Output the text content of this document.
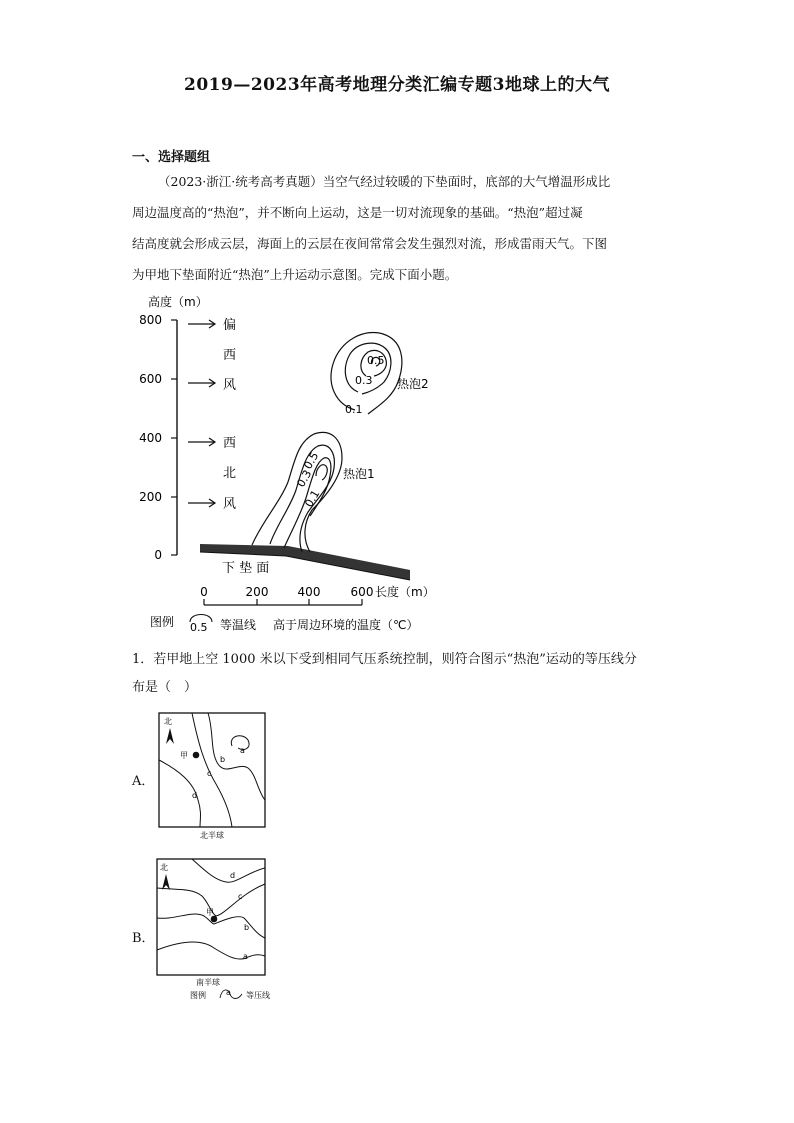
2019—2023年高考地理分类汇编专题3地球上的大气
一、选择题组

（2023·浙江·统考高考真题）当空气经过较暖的下垫面时，底部的大气增温形成比

周边温度高的“热泡”，并不断向上运动，这是一切对流现象的基础。“热泡”超过凝

结高度就会形成云层，海面上的云层在夜间常常会发生强烈对流，形成雷雨天气。下图

为甲地下垫面附近“热泡”上升运动示意图。完成下面小题。

高度（m）
800
600
400
200
0
偏
西
风
西
北
风
0.5
0.3
0.1
热泡2
0.5
0.3
0.1
热泡1
下 垫 面
0	200 400	600 长度（m）
图例 0.5 等温线 高于周边环境的温度（℃）

1．若甲地上空 1000 米以下受到相同气压系统控制，则符合图示“热泡”运动的等压线分

布是（　）

A．
北
甲
a
b
c
d
北半球
B．
北
甲
d
c
b
a
南半球
图例	a 等压线
